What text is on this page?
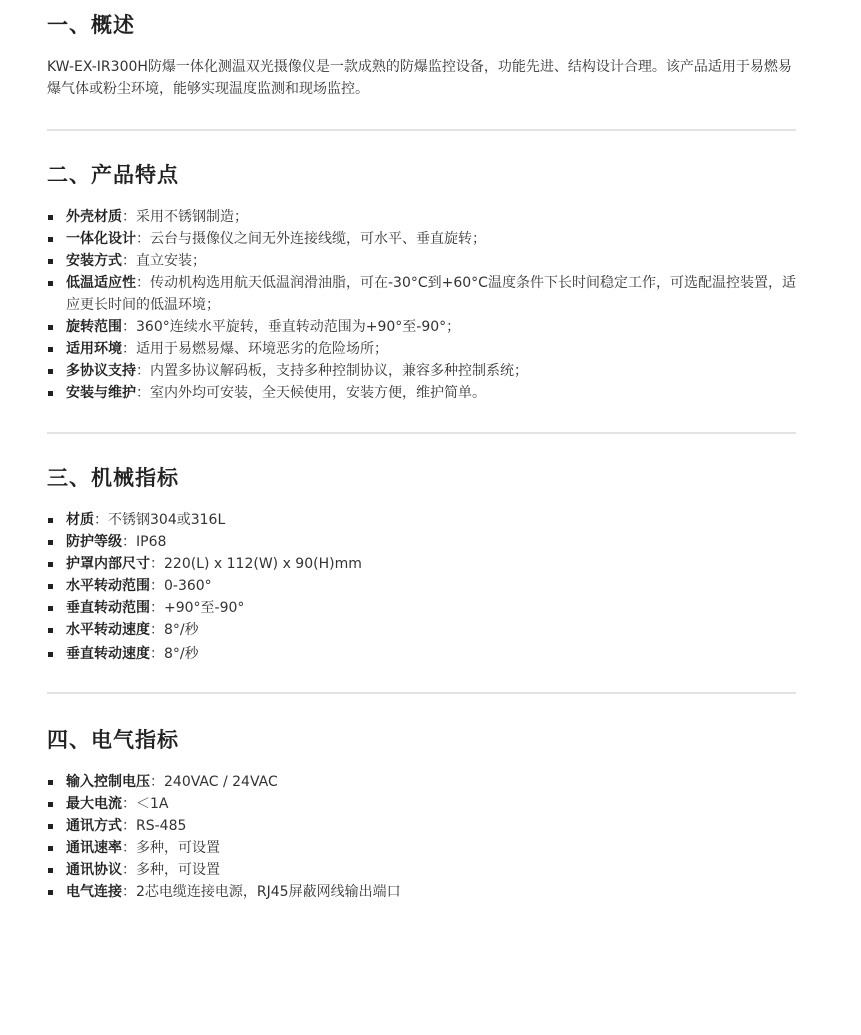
一、概述

KW-EX-IR300H防爆一体化测温双光摄像仪是一款成熟的防爆监控设备，功能先进、结构设计合理。该产品适用于易燃易爆气体或粉尘环境，能够实现温度监测和现场监控。

二、产品特点
外壳材质：采用不锈钢制造；
一体化设计：云台与摄像仪之间无外连接线缆，可水平、垂直旋转；
安装方式：直立安装；
低温适应性：传动机构选用航天低温润滑油脂，可在-30°C到+60°C温度条件下长时间稳定工作，可选配温控装置，适应更长时间的低温环境；
旋转范围：360°连续水平旋转，垂直转动范围为+90°至-90°；
适用环境：适用于易燃易爆、环境恶劣的危险场所；
多协议支持：内置多协议解码板，支持多种控制协议，兼容多种控制系统；
安装与维护：室内外均可安装，全天候使用，安装方便，维护简单。
三、机械指标
材质：不锈钢304或316L
防护等级：IP68
护罩内部尺寸：220(L) x 112(W) x 90(H)mm
水平转动范围：0-360°
垂直转动范围：+90°至-90°
水平转动速度：8°/秒
垂直转动速度：8°/秒
四、电气指标
输入控制电压：240VAC / 24VAC
最大电流：＜1A
通讯方式：RS-485
通讯速率：多种，可设置
通讯协议：多种，可设置
电气连接：2芯电缆连接电源，RJ45屏蔽网线输出端口
